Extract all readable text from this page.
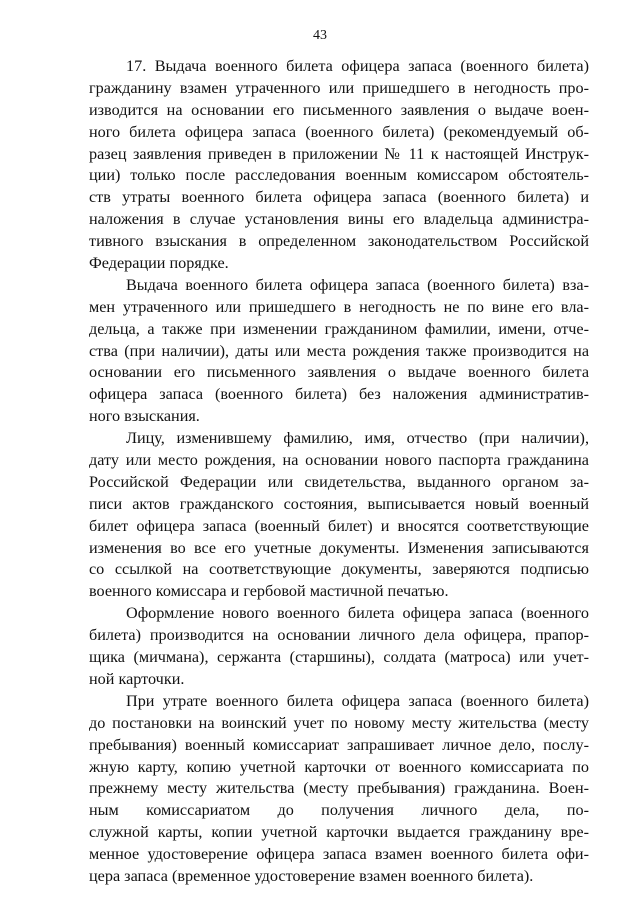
43
17. Выдача военного билета офицера запаса (военного билета)
гражданину взамен утраченного или пришедшего в негодность про-
изводится на основании его письменного заявления о выдаче воен-
ного билета офицера запаса (военного билета) (рекомендуемый об-
разец заявления приведен в приложении № 11 к настоящей Инструк-
ции) только после расследования военным комиссаром обстоятель-
ств утраты военного билета офицера запаса (военного билета) и
наложения в случае установления вины его владельца администра-
тивного взыскания в определенном законодательством Российской
Федерации порядке.
Выдача военного билета офицера запаса (военного билета) вза-
мен утраченного или пришедшего в негодность не по вине его вла-
дельца, а также при изменении гражданином фамилии, имени, отче-
ства (при наличии), даты или места рождения также производится на
основании его письменного заявления о выдаче военного билета
офицера запаса (военного билета) без наложения административ-
ного взыскания.
Лицу, изменившему фамилию, имя, отчество (при наличии),
дату или место рождения, на основании нового паспорта гражданина
Российской Федерации или свидетельства, выданного органом за-
писи актов гражданского состояния, выписывается новый военный
билет офицера запаса (военный билет) и вносятся соответствующие
изменения во все его учетные документы. Изменения записываются
со ссылкой на соответствующие документы, заверяются подписью
военного комиссара и гербовой мастичной печатью.
Оформление нового военного билета офицера запаса (военного
билета) производится на основании личного дела офицера, прапор-
щика (мичмана), сержанта (старшины), солдата (матроса) или учет-
ной карточки.
При утрате военного билета офицера запаса (военного билета)
до постановки на воинский учет по новому месту жительства (месту
пребывания) военный комиссариат запрашивает личное дело, послу-
жную карту, копию учетной карточки от военного комиссариата по
прежнему месту жительства (месту пребывания) гражданина. Воен-
ным комиссариатом до получения личного дела, по-
служной карты, копии учетной карточки выдается гражданину вре-
менное удостоверение офицера запаса взамен военного билета офи-
цера запаса (временное удостоверение взамен военного билета).
